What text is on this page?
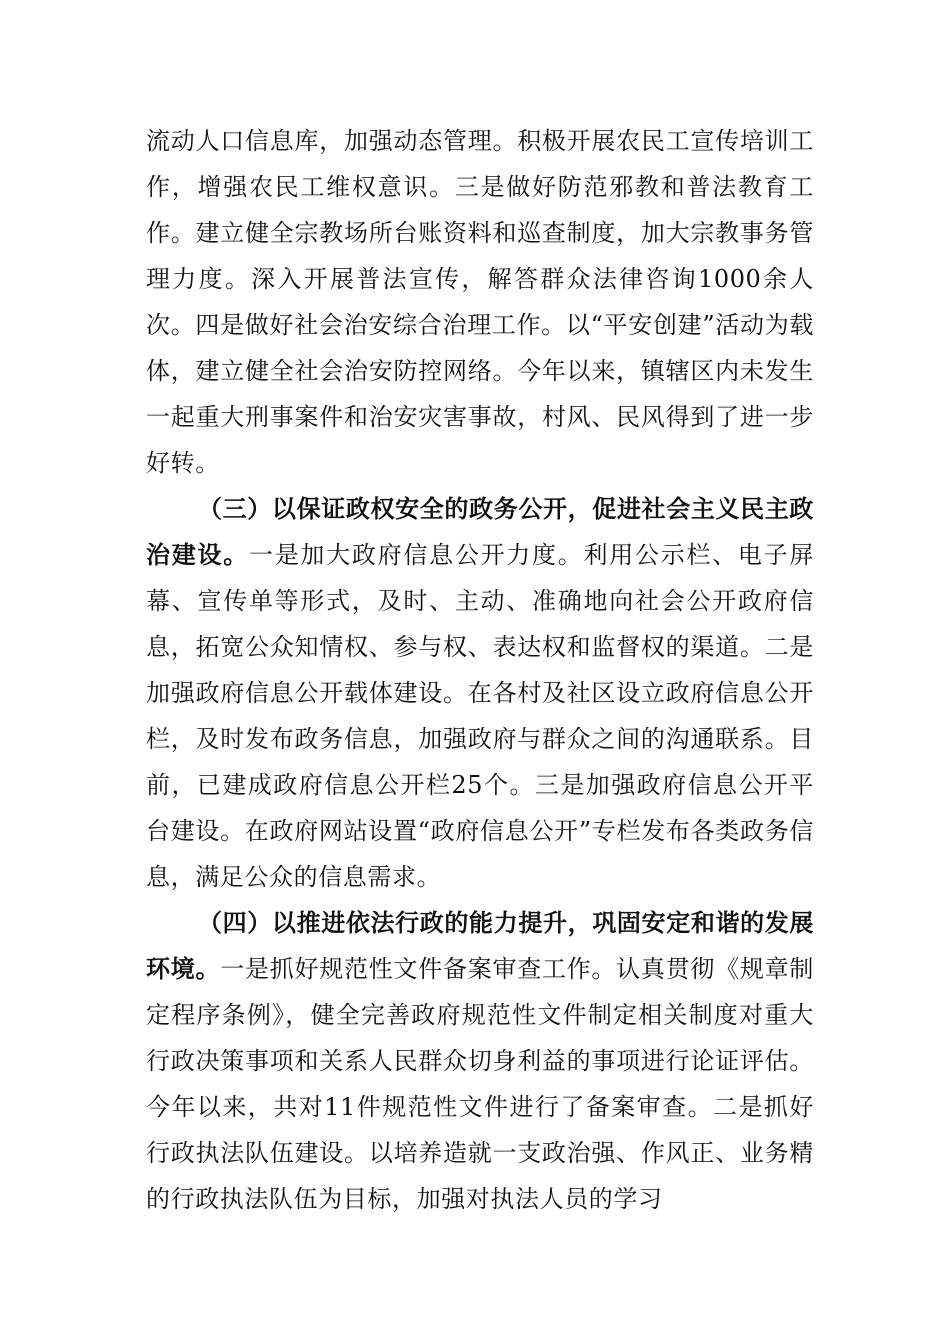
流动人口信息库，加强动态管理。积极开展农民工宣传培训工作，增强农民工维权意识。三是做好防范邪教和普法教育工作。建立健全宗教场所台账资料和巡查制度，加大宗教事务管理力度。深入开展普法宣传，解答群众法律咨询1000余人次。四是做好社会治安综合治理工作。以“平安创建”活动为载体，建立健全社会治安防控网络。今年以来，镇辖区内未发生一起重大刑事案件和治安灾害事故，村风、民风得到了进一步好转。

（三）以保证政权安全的政务公开，促进社会主义民主政治建设。一是加大政府信息公开力度。利用公示栏、电子屏幕、宣传单等形式，及时、主动、准确地向社会公开政府信息，拓宽公众知情权、参与权、表达权和监督权的渠道。二是加强政府信息公开载体建设。在各村及社区设立政府信息公开栏，及时发布政务信息，加强政府与群众之间的沟通联系。目前，已建成政府信息公开栏25个。三是加强政府信息公开平台建设。在政府网站设置“政府信息公开”专栏发布各类政务信息，满足公众的信息需求。

（四）以推进依法行政的能力提升，巩固安定和谐的发展环境。一是抓好规范性文件备案审查工作。认真贯彻《规章制定程序条例》，健全完善政府规范性文件制定相关制度对重大行政决策事项和关系人民群众切身利益的事项进行论证评估。今年以来，共对11件规范性文件进行了备案审查。二是抓好行政执法队伍建设。以培养造就一支政治强、作风正、业务精的行政执法队伍为目标，加强对执法人员的学习
